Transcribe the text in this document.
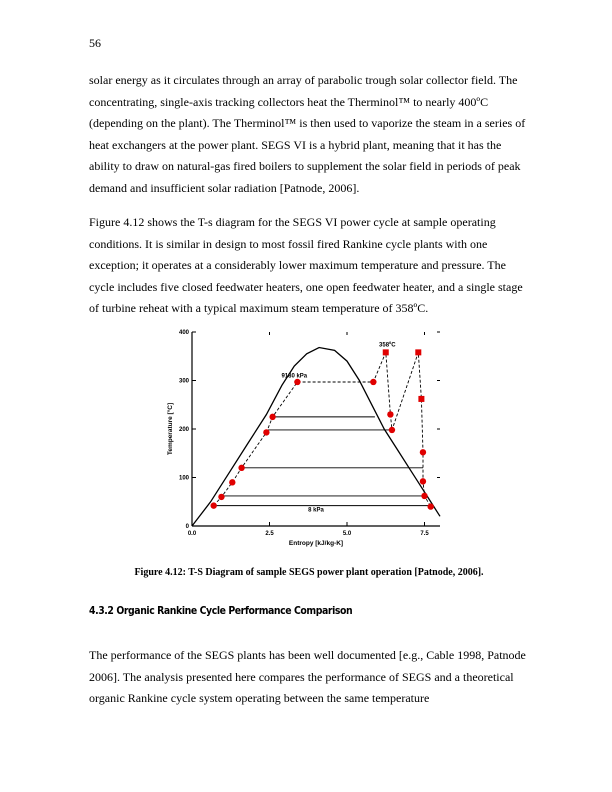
56

solar energy as it circulates through an array of parabolic trough solar collector field. The concentrating, single-axis tracking collectors heat the Therminol™ to nearly 400ºC (depending on the plant). The Therminol™ is then used to vaporize the steam in a series of heat exchangers at the power plant. SEGS VI is a hybrid plant, meaning that it has the ability to draw on natural-gas fired boilers to supplement the solar field in periods of peak demand and insufficient solar radiation [Patnode, 2006].

Figure 4.12 shows the T-s diagram for the SEGS VI power cycle at sample operating conditions. It is similar in design to most fossil fired Rankine cycle plants with one exception; it operates at a considerably lower maximum temperature and pressure. The cycle includes five closed feedwater heaters, one open feedwater heater, and a single stage of turbine reheat with a typical maximum steam temperature of 358ºC.

0.0	2.5	5.0	7.5
0
100
200
300
400
Entropy [kJ/kg-K]
Temperature [°C]
358ºC
9180 kPa
8 kPa

Figure 4.12: T-S Diagram of sample SEGS power plant operation [Patnode, 2006].

4.3.2 Organic Rankine Cycle Performance Comparison

The performance of the SEGS plants has been well documented [e.g., Cable 1998, Patnode 2006]. The analysis presented here compares the performance of SEGS and a theoretical organic Rankine cycle system operating between the same temperature
